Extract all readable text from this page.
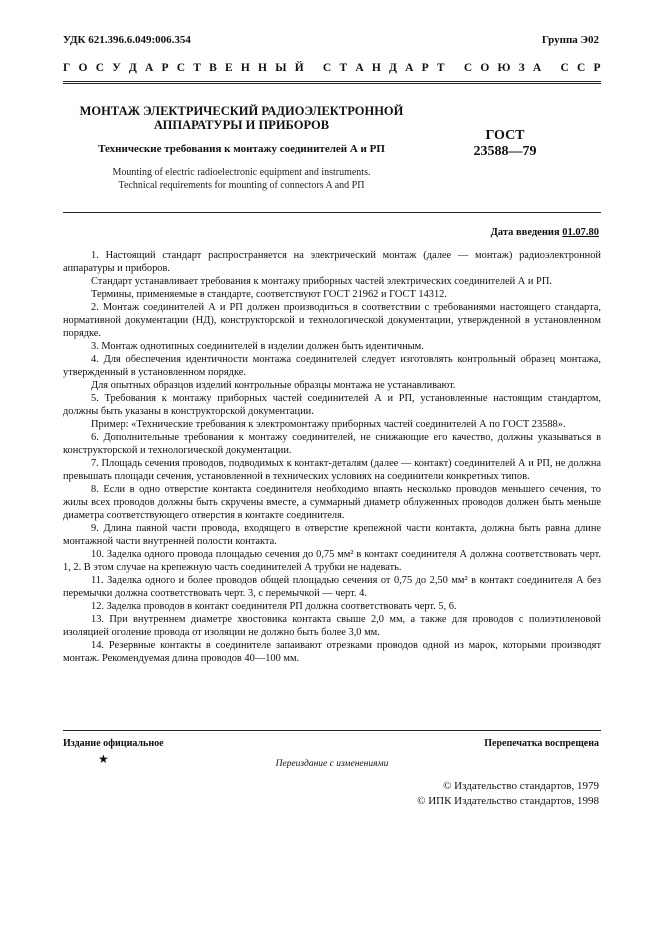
УДК 621.396.6.049:006.354	Группа Э02
Г О С У Д А Р С Т В Е Н Н Ы Й
С Т А Н Д А Р Т
С О Ю З А
С С Р
МОНТАЖ ЭЛЕКТРИЧЕСКИЙ РАДИОЭЛЕКТРОННОЙ
АППАРАТУРЫ И ПРИБОРОВ
Технические требования к монтажу соединителей А и РП
ГОСТ
23588—79
Mounting of electric radioelectronic equipment and instruments.
Technical requirements for mounting of connectors A and РП
Дата введения 01.07.80

1. Настоящий стандарт распространяется на электрический монтаж (далее — монтаж) радиоэлектронной аппаратуры и приборов.

Стандарт устанавливает требования к монтажу приборных частей электрических соединителей А и РП.

Термины, применяемые в стандарте, соответствуют ГОСТ 21962 и ГОСТ 14312.

2. Монтаж соединителей А и РП должен производиться в соответствии с требованиями настоящего стандарта, нормативной документации (НД), конструкторской и технологической документации, утвержденной в установленном порядке.

3. Монтаж однотипных соединителей в изделии должен быть идентичным.

4. Для обеспечения идентичности монтажа соединителей следует изготовлять контрольный образец монтажа, утвержденный в установленном порядке.

Для опытных образцов изделий контрольные образцы монтажа не устанавливают.

5. Требования к монтажу приборных частей соединителей А и РП, установленные настоящим стандартом, должны быть указаны в конструкторской документации.

Пример: «Технические требования к электромонтажу приборных частей соединителей А по ГОСТ 23588».

6. Дополнительные требования к монтажу соединителей, не снижающие его качество, должны указываться в конструкторской и технологической документации.

7. Площадь сечения проводов, подводимых к контакт-деталям (далее — контакт) соединителей А и РП, не должна превышать площади сечения, установленной в технических условиях на соединители конкретных типов.

8. Если в одно отверстие контакта соединителя необходимо впаять несколько проводов меньшего сечения, то жилы всех проводов должны быть скручены вместе, а суммарный диаметр облуженных проводов должен быть меньше диаметра соответствующего отверстия в контакте соединителя.

9. Длина паяной части провода, входящего в отверстие крепежной части контакта, должна быть равна длине монтажной части внутренней полости контакта.

10. Заделка одного провода площадью сечения до 0,75 мм² в контакт соединителя А должна соответствовать черт. 1, 2. В этом случае на крепежную часть соединителей А трубки не надевать.

11. Заделка одного и более проводов общей площадью сечения от 0,75 до 2,50 мм² в контакт соединителя А без перемычки должна соответствовать черт. 3, с перемычкой — черт. 4.

12. Заделка проводов в контакт соединителя РП должна соответствовать черт. 5, 6.

13. При внутреннем диаметре хвостовика контакта свыше 2,0 мм, а также для проводов с полиэтиленовой изоляцией оголение провода от изоляции не должно быть более 3,0 мм.

14. Резервные контакты в соединителе запаивают отрезками проводов одной из марок, которыми производят монтаж. Рекомендуемая длина проводов 40—100 мм.

Издание официальное	Перепечатка воспрещена
★	Переиздание с изменениями
© Издательство стандартов, 1979
© ИПК Издательство стандартов, 1998
